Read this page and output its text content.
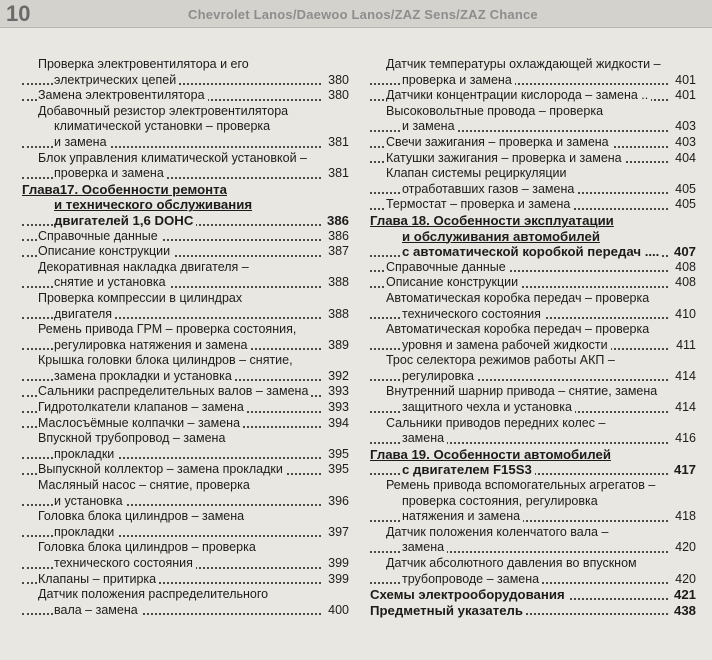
10	Chevrolet Lanos/Daewoo Lanos/ZAZ Sens/ZAZ Chance
Проверка электровентилятора и его
электрических цепей	380
Замена электровентилятора	380
Добавочный резистор электровентилятора
климатической установки – проверка
и замена	381
Блок управления климатической установкой –
проверка и замена	381
Глава17. Особенности ремонта
и технического обслуживания
двигателей 1,6 DOHC	386
Справочные данные	386
Описание конструкции	387
Декоративная накладка двигателя –
снятие и установка	388
Проверка компрессии в цилиндрах
двигателя	388
Ремень привода ГРМ – проверка состояния,
регулировка натяжения и замена	389
Крышка головки блока цилиндров – снятие,
замена прокладки и установка	392
Сальники распределительных валов – замена 393
Гидротолкатели клапанов – замена	393
Маслосъёмные колпачки – замена	394
Впускной трубопровод – замена
прокладки	395
Выпускной коллектор – замена прокладки	395
Масляный насос – снятие, проверка
и установка	396
Головка блока цилиндров – замена
прокладки	397
Головка блока цилиндров – проверка
технического состояния	399
Клапаны – притирка	399
Датчик положения распределительного
вала – замена	400
Датчик температуры охлаждающей жидкости –
проверка и замена	401
Датчики концентрации кислорода – замена .. 401
Высоковольтные провода – проверка
и замена	403
Свечи зажигания – проверка и замена	403
Катушки зажигания – проверка и замена	404
Клапан системы рециркуляции
отработавших газов – замена	405
Термостат – проверка и замена	405
Глава 18. Особенности эксплуатации
и обслуживания автомобилей
с автоматической коробкой передач .... 407
Справочные данные	408
Описание конструкции	408
Автоматическая коробка передач – проверка
технического состояния	410
Автоматическая коробка передач – проверка
уровня и замена рабочей жидкости	411
Трос селектора режимов работы АКП –
регулировка	414
Внутренний шарнир привода – снятие, замена
защитного чехла и установка	414
Сальники приводов передних колес –
замена	416
Глава 19. Особенности автомобилей
с двигателем F15S3	417
Ремень привода вспомогательных агрегатов –
проверка состояния, регулировка
натяжения и замена	418
Датчик положения коленчатого вала –
замена	420
Датчик абсолютного давления во впускном
трубопроводе – замена	420
Схемы электрооборудования	421
Предметный указатель	438
